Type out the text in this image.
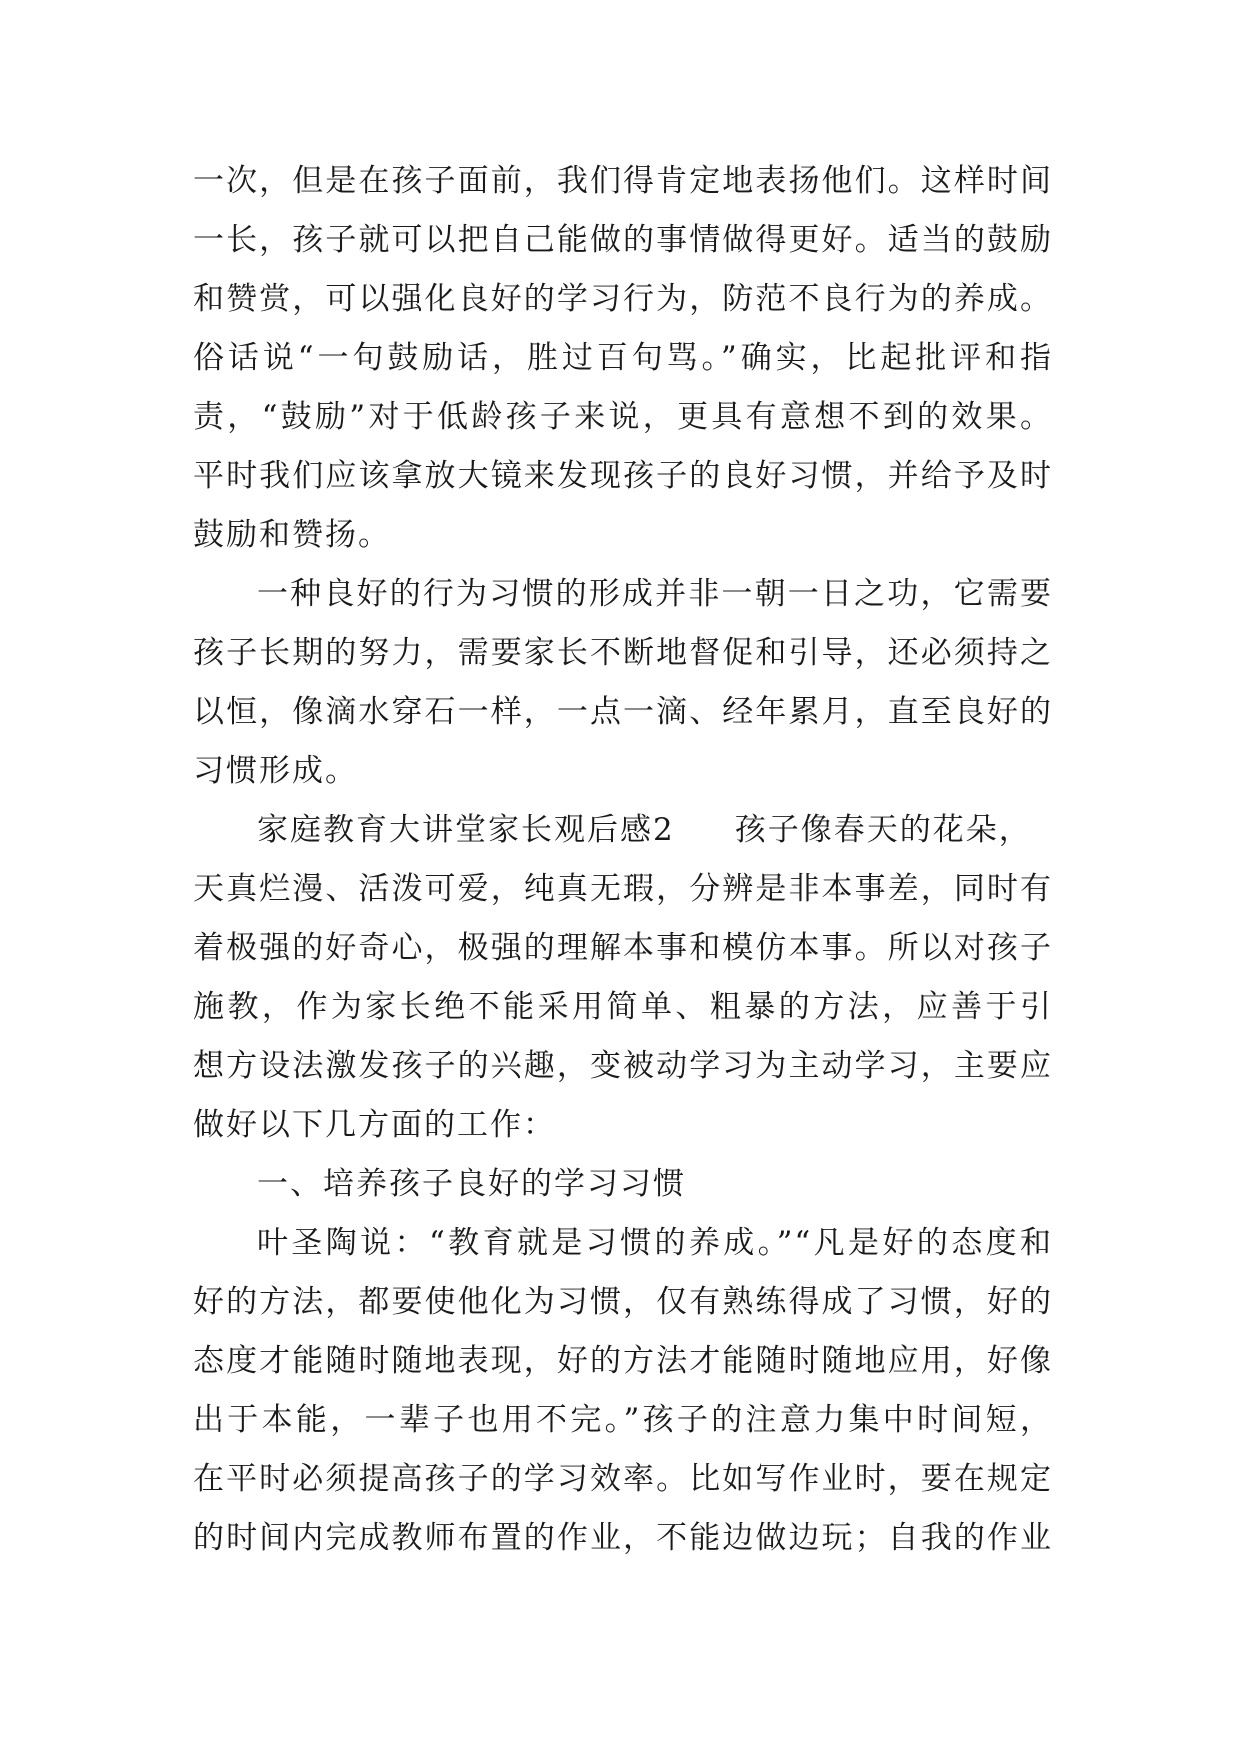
一次，但是在孩子面前，我们得肯定地表扬他们。这样时间
一长，孩子就可以把自己能做的事情做得更好。适当的鼓励
和赞赏，可以强化良好的学习行为，防范不良行为的养成。
俗话说“一句鼓励话，胜过百句骂。”确实，比起批评和指
责，“鼓励”对于低龄孩子来说，更具有意想不到的效果。
平时我们应该拿放大镜来发现孩子的良好习惯，并给予及时
鼓励和赞扬。
一种良好的行为习惯的形成并非一朝一日之功，它需要
孩子长期的努力，需要家长不断地督促和引导，还必须持之
以恒，像滴水穿石一样，一点一滴、经年累月，直至良好的
习惯形成。
家庭教育大讲堂家长观后感2 孩子像春天的花朵，
天真烂漫、活泼可爱，纯真无瑕，分辨是非本事差，同时有
着极强的好奇心，极强的理解本事和模仿本事。所以对孩子
施教，作为家长绝不能采用简单、粗暴的方法，应善于引
想方设法激发孩子的兴趣，变被动学习为主动学习，主要应
做好以下几方面的工作：
一、培养孩子良好的学习习惯
叶圣陶说：“教育就是习惯的养成。”“凡是好的态度和
好的方法，都要使他化为习惯，仅有熟练得成了习惯，好的
态度才能随时随地表现，好的方法才能随时随地应用，好像
出于本能，一辈子也用不完。”孩子的注意力集中时间短，
在平时必须提高孩子的学习效率。比如写作业时，要在规定
的时间内完成教师布置的作业，不能边做边玩；自我的作业
